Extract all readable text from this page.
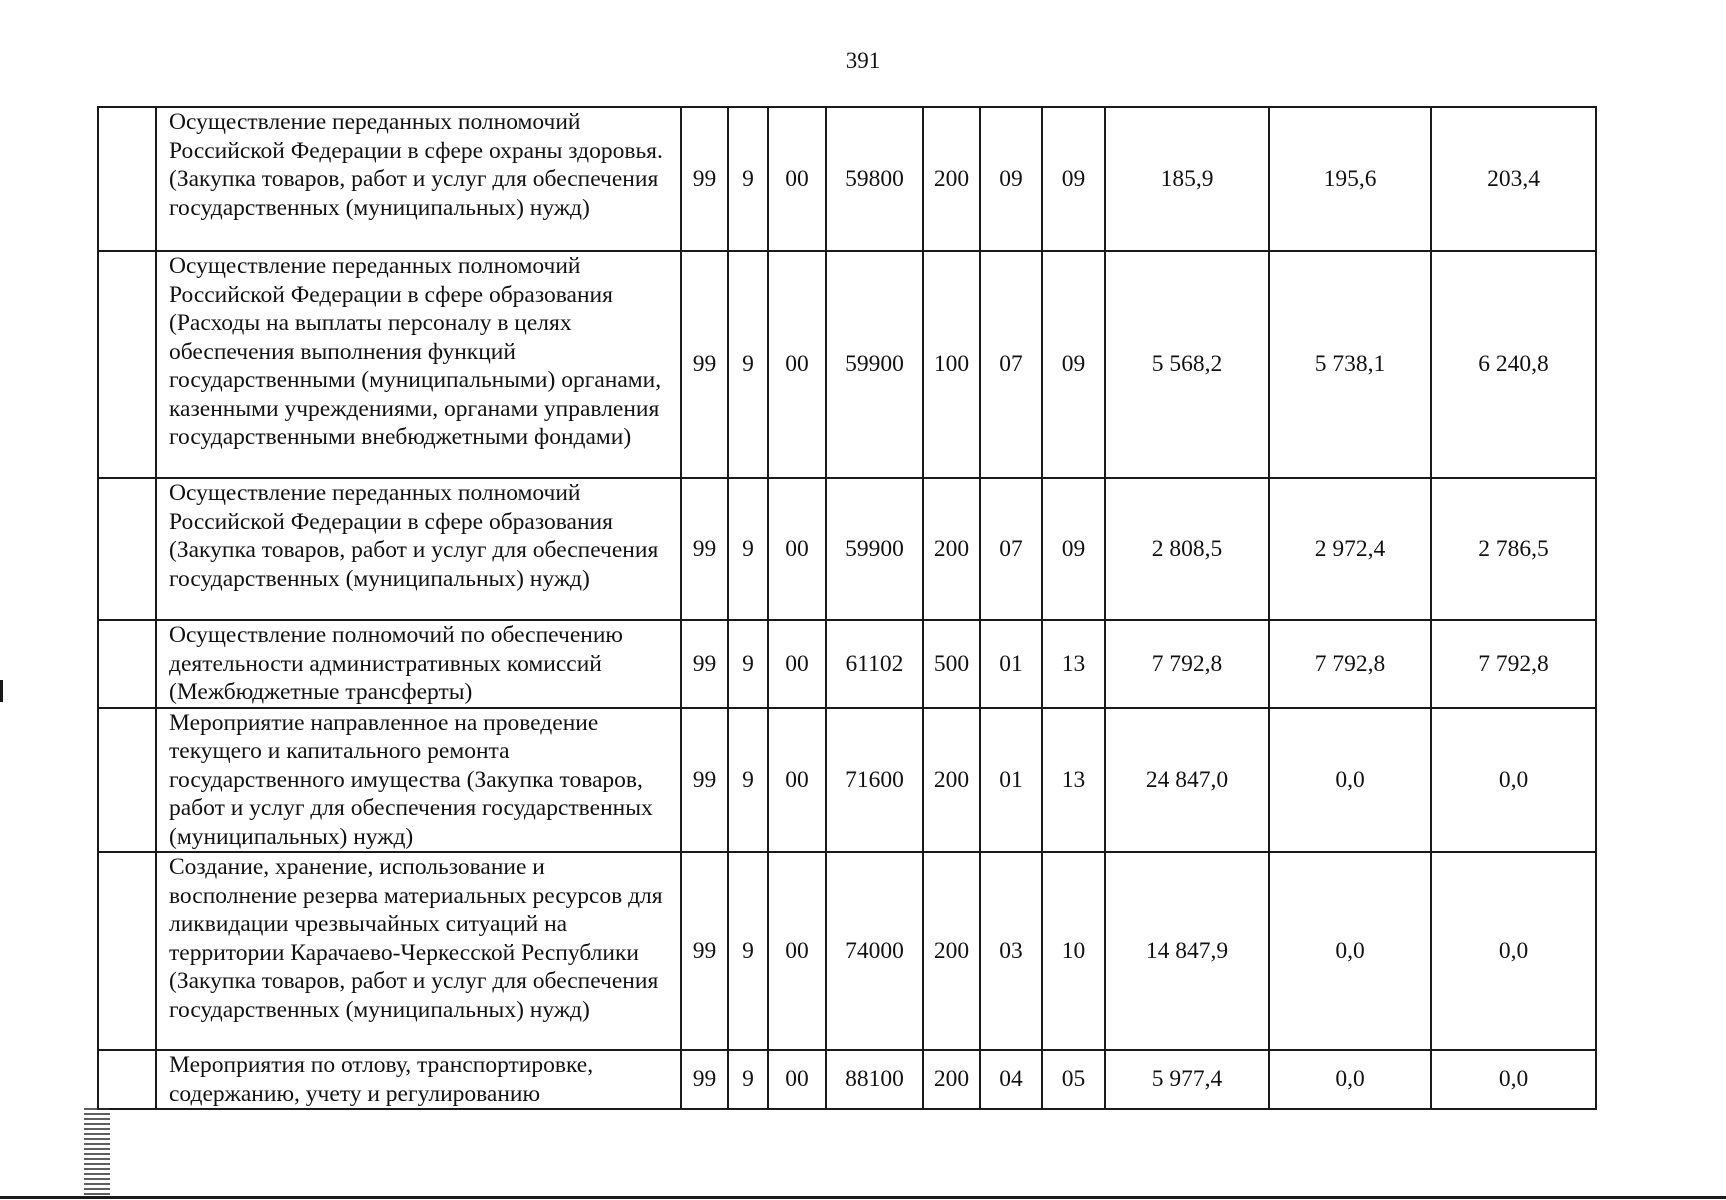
391
	Осуществление переданных полномочий Российской Федерации в сфере охраны здоровья. (Закупка товаров, работ и услуг для обеспечения государственных (муниципальных) нужд)	99	9	00	59800	200	09	09	185,9	195,6	203,4
	Осуществление переданных полномочий Российской Федерации в сфере образования (Расходы на выплаты персоналу в целях обеспечения выполнения функций государственными (муниципальными) органами, казенными учреждениями, органами управления государственными внебюджетными фондами)	99	9	00	59900	100	07	09	5 568,2	5 738,1	6 240,8
	Осуществление переданных полномочий Российской Федерации в сфере образования (Закупка товаров, работ и услуг для обеспечения государственных (муниципальных) нужд)	99	9	00	59900	200	07	09	2 808,5	2 972,4	2 786,5
	Осуществление полномочий по обеспечению деятельности административных комиссий (Межбюджетные трансферты)	99	9	00	61102	500	01	13	7 792,8	7 792,8	7 792,8
	Мероприятие направленное на проведение текущего и капитального ремонта государственного имущества (Закупка товаров, работ и услуг для обеспечения государственных (муниципальных) нужд)	99	9	00	71600	200	01	13	24 847,0	0,0	0,0
	Создание, хранение, использование и восполнение резерва материальных ресурсов для ликвидации чрезвычайных ситуаций на территории Карачаево-Черкесской Республики (Закупка товаров, работ и услуг для обеспечения государственных (муниципальных) нужд)	99	9	00	74000	200	03	10	14 847,9	0,0	0,0
	Мероприятия по отлову, транспортировке, содержанию, учету и регулированию	99	9	00	88100	200	04	05	5 977,4	0,0	0,0
